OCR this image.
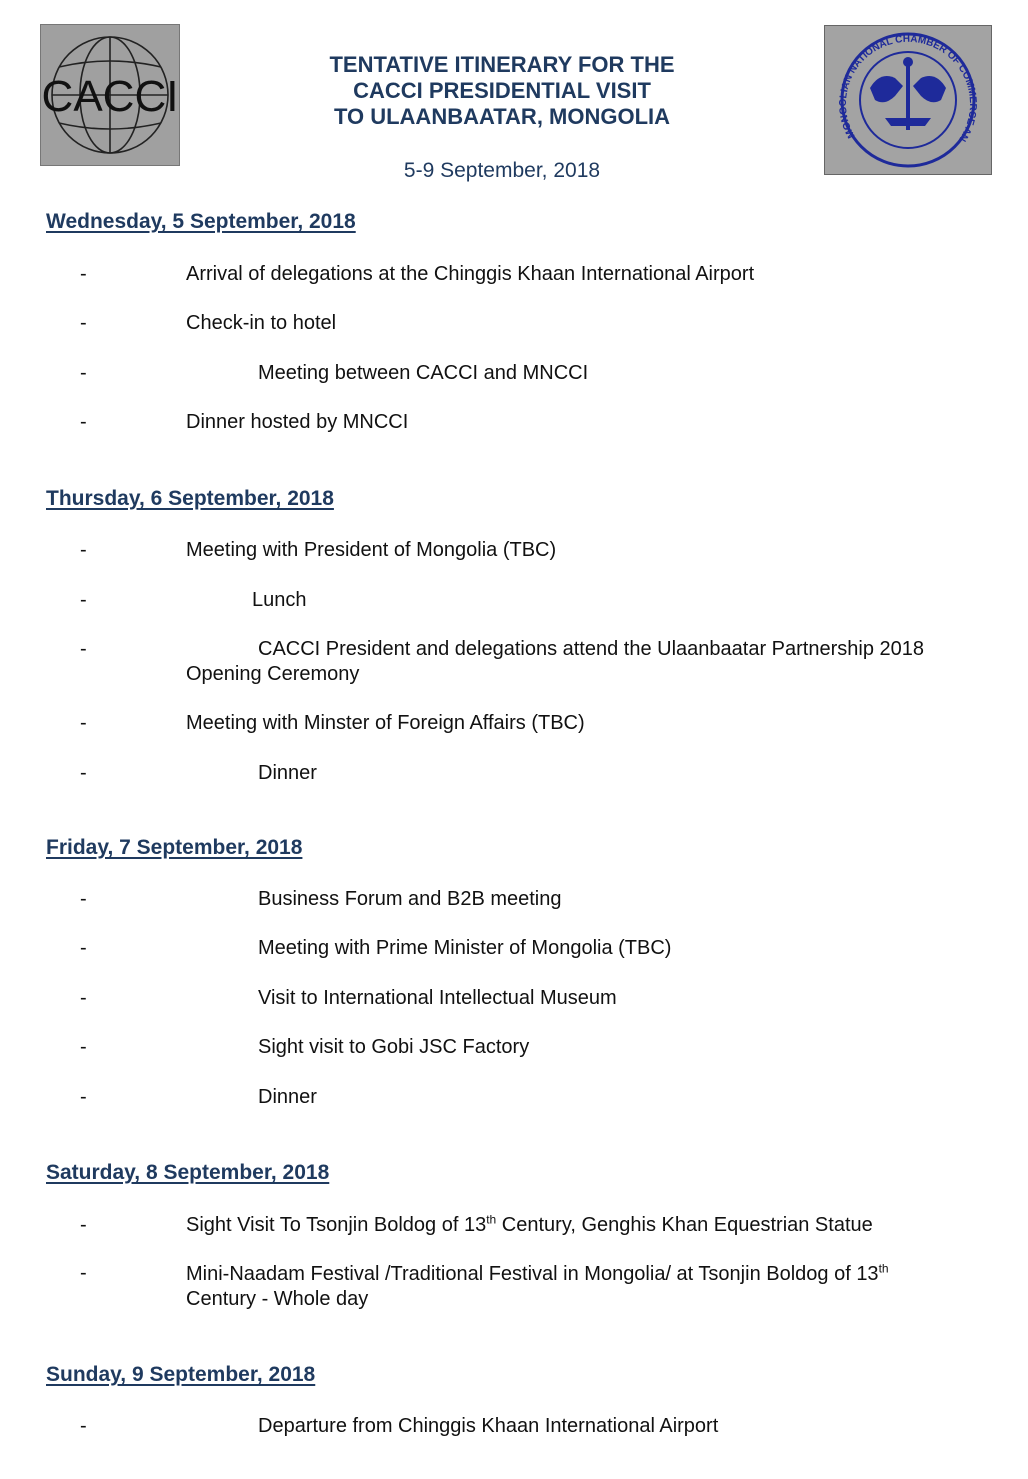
CACCI
MONGOLIAN NATIONAL CHAMBER OF COMMERCE AN
TENTATIVE ITINERARY FOR THE
CACCI PRESIDENTIAL VISIT
TO ULAANBAATAR, MONGOLIA
5-9 September, 2018
Wednesday, 5 September, 2018
-	Arrival of delegations at the Chinggis Khaan International Airport
-	Check-in to hotel
-	Meeting between CACCI and MNCCI
-	Dinner hosted by MNCCI
Thursday, 6 September, 2018
-	Meeting with President of Mongolia (TBC)
-	Lunch
-	CACCI President and delegations attend the Ulaanbaatar Partnership 2018
Opening Ceremony
-	Meeting with Minster of Foreign Affairs (TBC)
-	Dinner
Friday, 7 September, 2018
-	Business Forum and B2B meeting
-	Meeting with Prime Minister of Mongolia (TBC)
-	Visit to International Intellectual Museum
-	Sight visit to Gobi JSC Factory
-	Dinner
Saturday, 8 September, 2018
-	Sight Visit To Tsonjin Boldog of 13th Century, Genghis Khan Equestrian Statue
-	Mini-Naadam Festival /Traditional Festival in Mongolia/ at Tsonjin Boldog of 13th
Century - Whole day
Sunday, 9 September, 2018
-	Departure from Chinggis Khaan International Airport
